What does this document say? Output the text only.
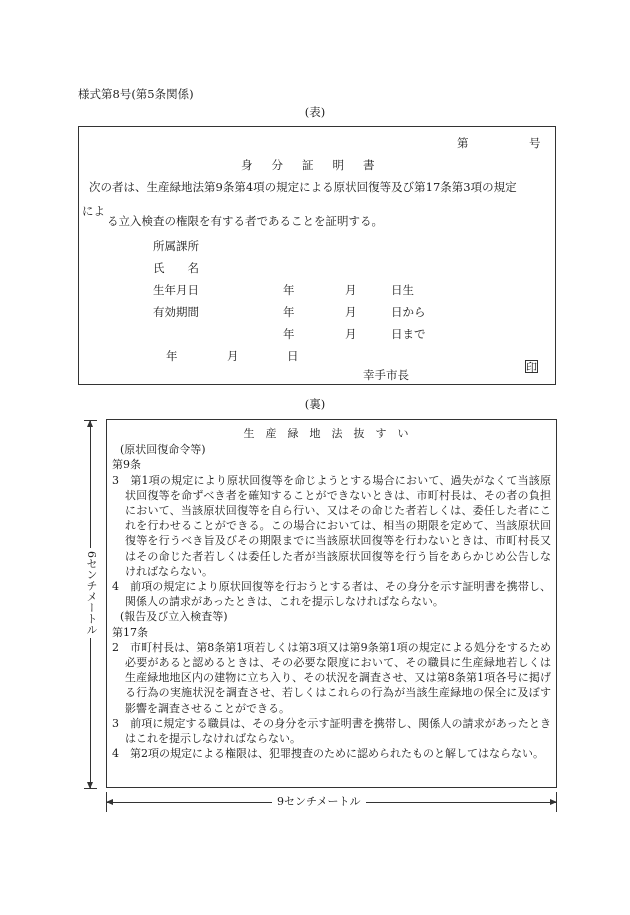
様式第8号(第5条関係)
(表)
第	号
身分証明書
次の者は、生産緑地法第9条第4項の規定による原状回復等及び第17条第3項の規定
によ
る立入検査の権限を有する者であることを証明する。
所属課所
氏　　名
生年月日	年	月	日生
有効期間	年	月	日から
年	月	日まで
年	月	日
幸手市長
印
(裏)

生産緑地法抜すい

(原状回復命令等)

第9条

3　第1項の規定により原状回復等を命じようとする場合において、過失がなくて当該原状回復等を命ずべき者を確知することができないときは、市町村長は、その者の負担において、当該原状回復等を自ら行い、又はその命じた者若しくは、委任した者にこれを行わせることができる。この場合においては、相当の期限を定めて、当該原状回復等を行うべき旨及びその期限までに当該原状回復等を行わないときは、市町村長又はその命じた者若しくは委任した者が当該原状回復等を行う旨をあらかじめ公告しなければならない。

4　前項の規定により原状回復等を行おうとする者は、その身分を示す証明書を携帯し、関係人の請求があったときは、これを提示しなければならない。

(報告及び立入検査等)

第17条

2　市町村長は、第8条第1項若しくは第3項又は第9条第1項の規定による処分をするため必要があると認めるときは、その必要な限度において、その職員に生産緑地若しくは生産緑地地区内の建物に立ち入り、その状況を調査させ、又は第8条第1項各号に掲げる行為の実施状況を調査させ、若しくはこれらの行為が当該生産緑地の保全に及ぼす影響を調査させることができる。

3　前項に規定する職員は、その身分を示す証明書を携帯し、関係人の請求があったときはこれを提示しなければならない。

4　第2項の規定による権限は、犯罪捜査のために認められたものと解してはならない。

6センチメートル
9センチメートル
